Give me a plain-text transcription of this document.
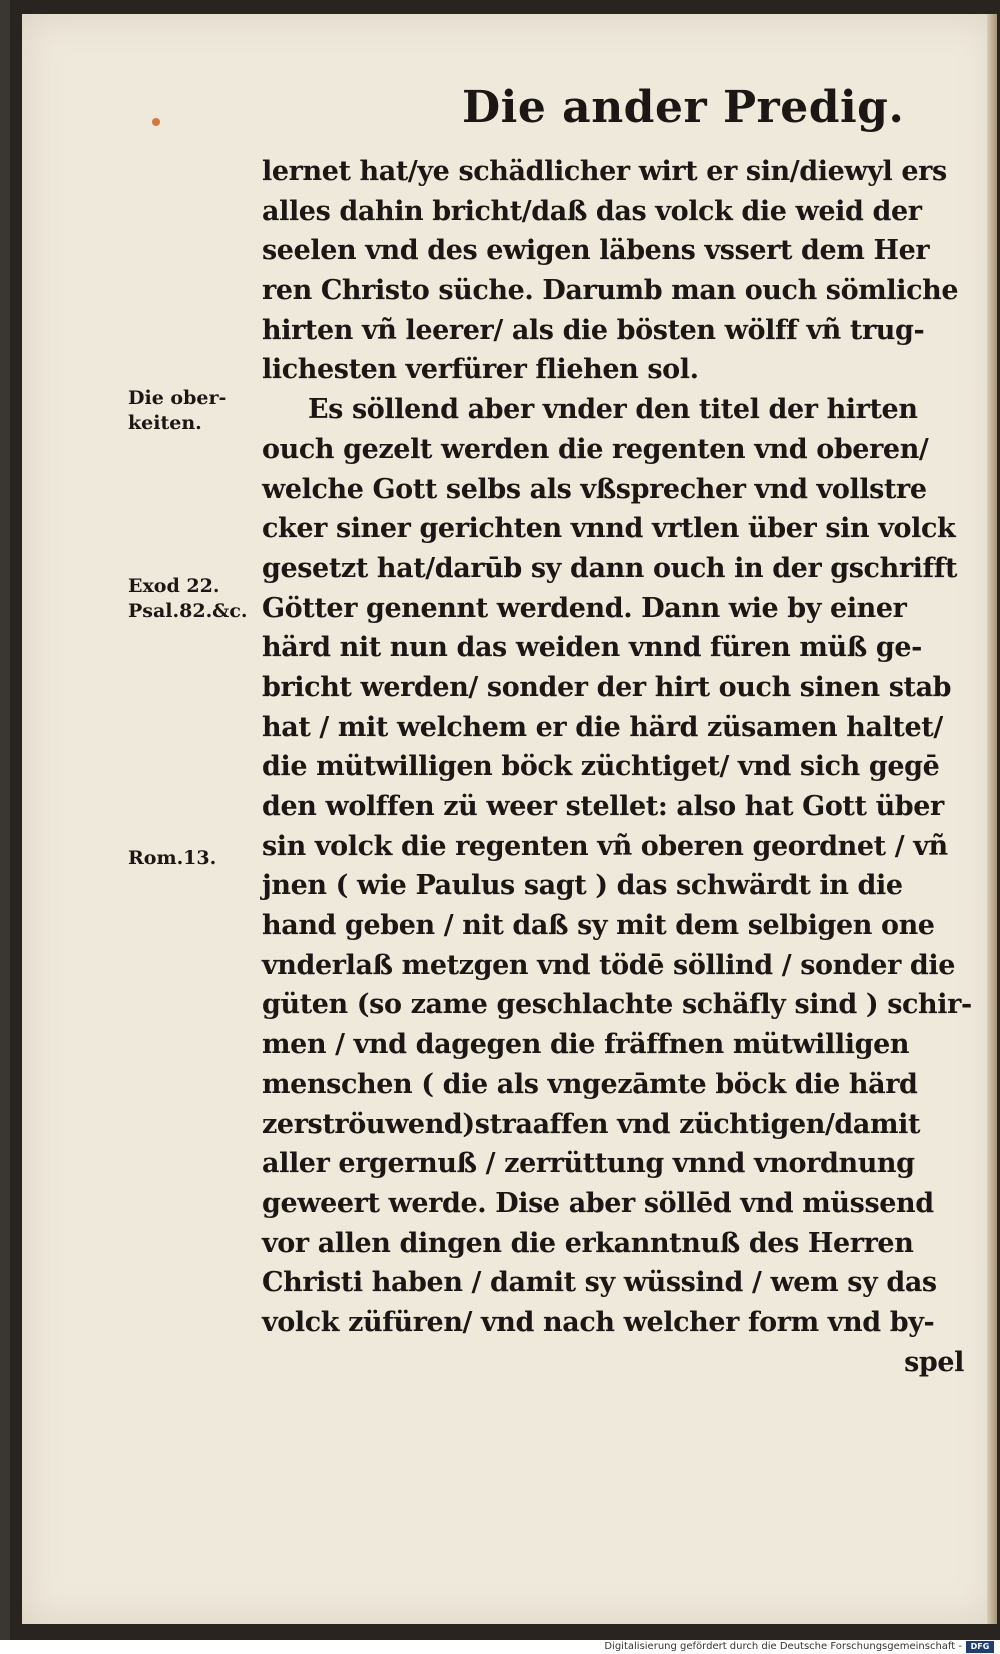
Die ander Predig.
Die ober-
keiten.
Exod 22.
Psal.82.&c.
Rom.13.
lernet hat/ye schädlicher wirt er sin/diewyl ers
alles dahin bricht/daß das volck die weid der
seelen vnd des ewigen läbens vssert dem Her
ren Christo süche. Darumb man ouch sömliche
hirten vñ leerer/ als die bösten wölff vñ trug-
lichesten verfürer fliehen sol.
Es söllend aber vnder den titel der hirten
ouch gezelt werden die regenten vnd oberen/
welche Gott selbs als vßsprecher vnd vollstre
cker siner gerichten vnnd vrtlen über sin volck
gesetzt hat/darūb sy dann ouch in der gschrifft
Götter genennt werdend. Dann wie by einer
härd nit nun das weiden vnnd füren müß ge-
bricht werden/ sonder der hirt ouch sinen stab
hat / mit welchem er die härd züsamen haltet/
die mütwilligen böck züchtiget/ vnd sich gegē
den wolffen zü weer stellet: also hat Gott über
sin volck die regenten vñ oberen geordnet / vñ
jnen ( wie Paulus sagt ) das schwärdt in die
hand geben / nit daß sy mit dem selbigen one
vnderlaß metzgen vnd tödē söllind / sonder die
güten (so zame geschlachte schäfly sind ) schir-
men / vnd dagegen die fräffnen mütwilligen
menschen ( die als vngezāmte böck die härd
zerströuwend)straaffen vnd züchtigen/damit
aller ergernuß / zerrüttung vnnd vnordnung
geweert werde. Dise aber söllēd vnd müssend
vor allen dingen die erkanntnuß des Herren
Christi haben / damit sy wüssind / wem sy das
volck züfüren/ vnd nach welcher form vnd by-
spel
Digitalisierung gefördert durch die Deutsche Forschungsgemeinschaft -	DFG
